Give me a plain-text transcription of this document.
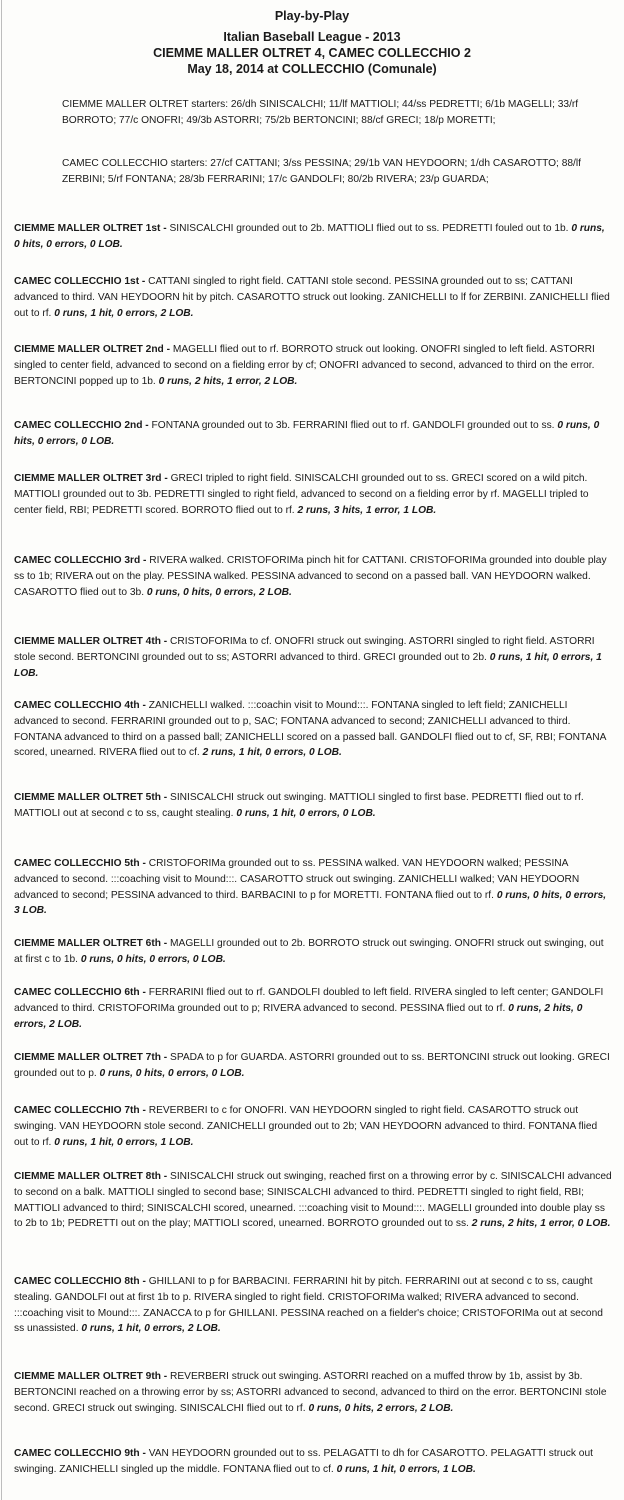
Play-by-Play
Italian Baseball League - 2013
CIEMME MALLER OLTRET 4, CAMEC COLLECCHIO 2
May 18, 2014 at COLLECCHIO (Comunale)
CIEMME MALLER OLTRET starters: 26/dh SINISCALCHI; 11/lf MATTIOLI; 44/ss PEDRETTI; 6/1b MAGELLI; 33/rf BORROTO; 77/c ONOFRI; 49/3b ASTORRI; 75/2b BERTONCINI; 88/cf GRECI; 18/p MORETTI;
CAMEC COLLECCHIO starters: 27/cf CATTANI; 3/ss PESSINA; 29/1b VAN HEYDOORN; 1/dh CASAROTTO; 88/lf ZERBINI; 5/rf FONTANA; 28/3b FERRARINI; 17/c GANDOLFI; 80/2b RIVERA; 23/p GUARDA;
CIEMME MALLER OLTRET 1st - SINISCALCHI grounded out to 2b. MATTIOLI flied out to ss. PEDRETTI fouled out to 1b. 0 runs, 0 hits, 0 errors, 0 LOB.
CAMEC COLLECCHIO 1st - CATTANI singled to right field. CATTANI stole second. PESSINA grounded out to ss; CATTANI advanced to third. VAN HEYDOORN hit by pitch. CASAROTTO struck out looking. ZANICHELLI to lf for ZERBINI. ZANICHELLI flied out to rf. 0 runs, 1 hit, 0 errors, 2 LOB.
CIEMME MALLER OLTRET 2nd - MAGELLI flied out to rf. BORROTO struck out looking. ONOFRI singled to left field. ASTORRI singled to center field, advanced to second on a fielding error by cf; ONOFRI advanced to second, advanced to third on the error. BERTONCINI popped up to 1b. 0 runs, 2 hits, 1 error, 2 LOB.
CAMEC COLLECCHIO 2nd - FONTANA grounded out to 3b. FERRARINI flied out to rf. GANDOLFI grounded out to ss. 0 runs, 0 hits, 0 errors, 0 LOB.
CIEMME MALLER OLTRET 3rd - GRECI tripled to right field. SINISCALCHI grounded out to ss. GRECI scored on a wild pitch. MATTIOLI grounded out to 3b. PEDRETTI singled to right field, advanced to second on a fielding error by rf. MAGELLI tripled to center field, RBI; PEDRETTI scored. BORROTO flied out to rf. 2 runs, 3 hits, 1 error, 1 LOB.
CAMEC COLLECCHIO 3rd - RIVERA walked. CRISTOFORIMa pinch hit for CATTANI. CRISTOFORIMa grounded into double play ss to 1b; RIVERA out on the play. PESSINA walked. PESSINA advanced to second on a passed ball. VAN HEYDOORN walked. CASAROTTO flied out to 3b. 0 runs, 0 hits, 0 errors, 2 LOB.
CIEMME MALLER OLTRET 4th - CRISTOFORIMa to cf. ONOFRI struck out swinging. ASTORRI singled to right field. ASTORRI stole second. BERTONCINI grounded out to ss; ASTORRI advanced to third. GRECI grounded out to 2b. 0 runs, 1 hit, 0 errors, 1 LOB.
CAMEC COLLECCHIO 4th - ZANICHELLI walked. :::coachin visit to Mound:::. FONTANA singled to left field; ZANICHELLI advanced to second. FERRARINI grounded out to p, SAC; FONTANA advanced to second; ZANICHELLI advanced to third. FONTANA advanced to third on a passed ball; ZANICHELLI scored on a passed ball. GANDOLFI flied out to cf, SF, RBI; FONTANA scored, unearned. RIVERA flied out to cf. 2 runs, 1 hit, 0 errors, 0 LOB.
CIEMME MALLER OLTRET 5th - SINISCALCHI struck out swinging. MATTIOLI singled to first base. PEDRETTI flied out to rf. MATTIOLI out at second c to ss, caught stealing. 0 runs, 1 hit, 0 errors, 0 LOB.
CAMEC COLLECCHIO 5th - CRISTOFORIMa grounded out to ss. PESSINA walked. VAN HEYDOORN walked; PESSINA advanced to second. :::coaching visit to Mound:::. CASAROTTO struck out swinging. ZANICHELLI walked; VAN HEYDOORN advanced to second; PESSINA advanced to third. BARBACINI to p for MORETTI. FONTANA flied out to rf. 0 runs, 0 hits, 0 errors, 3 LOB.
CIEMME MALLER OLTRET 6th - MAGELLI grounded out to 2b. BORROTO struck out swinging. ONOFRI struck out swinging, out at first c to 1b. 0 runs, 0 hits, 0 errors, 0 LOB.
CAMEC COLLECCHIO 6th - FERRARINI flied out to rf. GANDOLFI doubled to left field. RIVERA singled to left center; GANDOLFI advanced to third. CRISTOFORIMa grounded out to p; RIVERA advanced to second. PESSINA flied out to rf. 0 runs, 2 hits, 0 errors, 2 LOB.
CIEMME MALLER OLTRET 7th - SPADA to p for GUARDA. ASTORRI grounded out to ss. BERTONCINI struck out looking. GRECI grounded out to p. 0 runs, 0 hits, 0 errors, 0 LOB.
CAMEC COLLECCHIO 7th - REVERBERI to c for ONOFRI. VAN HEYDOORN singled to right field. CASAROTTO struck out swinging. VAN HEYDOORN stole second. ZANICHELLI grounded out to 2b; VAN HEYDOORN advanced to third. FONTANA flied out to rf. 0 runs, 1 hit, 0 errors, 1 LOB.
CIEMME MALLER OLTRET 8th - SINISCALCHI struck out swinging, reached first on a throwing error by c. SINISCALCHI advanced to second on a balk. MATTIOLI singled to second base; SINISCALCHI advanced to third. PEDRETTI singled to right field, RBI; MATTIOLI advanced to third; SINISCALCHI scored, unearned. :::coaching visit to Mound:::. MAGELLI grounded into double play ss to 2b to 1b; PEDRETTI out on the play; MATTIOLI scored, unearned. BORROTO grounded out to ss. 2 runs, 2 hits, 1 error, 0 LOB.
CAMEC COLLECCHIO 8th - GHILLANI to p for BARBACINI. FERRARINI hit by pitch. FERRARINI out at second c to ss, caught stealing. GANDOLFI out at first 1b to p. RIVERA singled to right field. CRISTOFORIMa walked; RIVERA advanced to second. :::coaching visit to Mound:::. ZANACCA to p for GHILLANI. PESSINA reached on a fielder's choice; CRISTOFORIMa out at second ss unassisted. 0 runs, 1 hit, 0 errors, 2 LOB.
CIEMME MALLER OLTRET 9th - REVERBERI struck out swinging. ASTORRI reached on a muffed throw by 1b, assist by 3b. BERTONCINI reached on a throwing error by ss; ASTORRI advanced to second, advanced to third on the error. BERTONCINI stole second. GRECI struck out swinging. SINISCALCHI flied out to rf. 0 runs, 0 hits, 2 errors, 2 LOB.
CAMEC COLLECCHIO 9th - VAN HEYDOORN grounded out to ss. PELAGATTI to dh for CASAROTTO. PELAGATTI struck out swinging. ZANICHELLI singled up the middle. FONTANA flied out to cf. 0 runs, 1 hit, 0 errors, 1 LOB.
